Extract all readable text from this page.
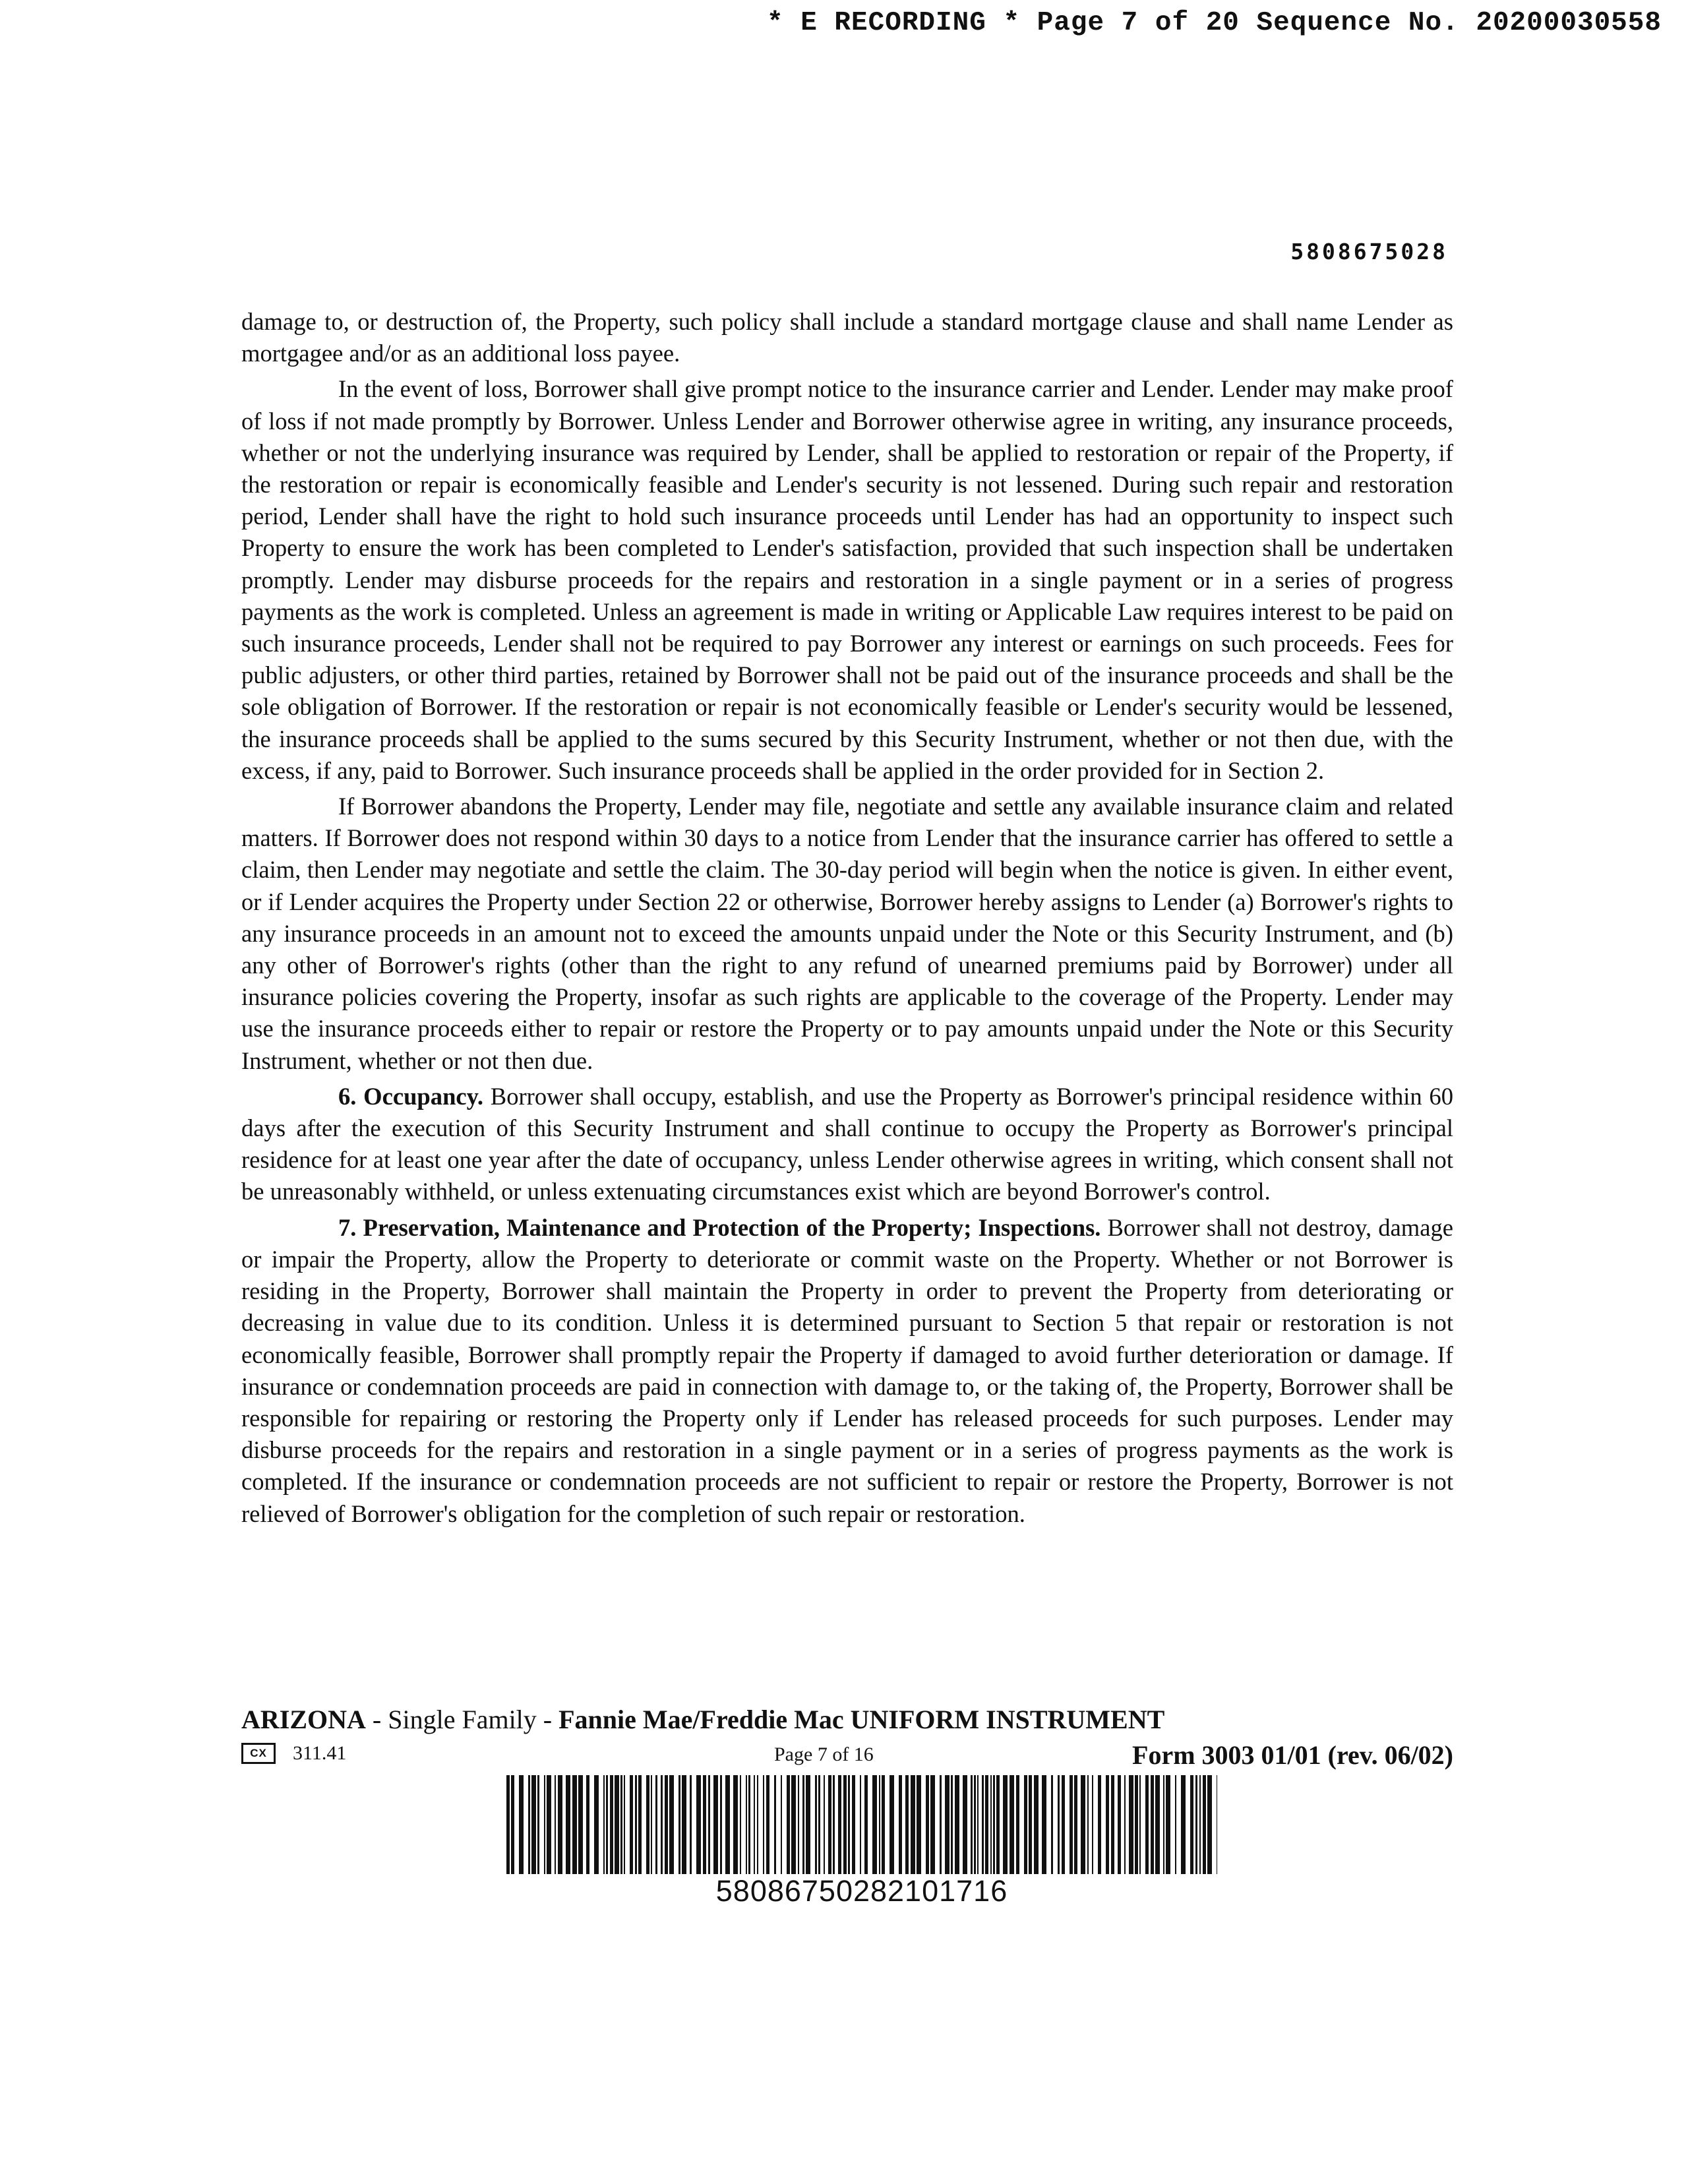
* E RECORDING * Page 7 of 20 Sequence No. 20200030558
5808675028

damage to, or destruction of, the Property, such policy shall include a standard mortgage clause and shall name Lender as mortgagee and/or as an additional loss payee.

In the event of loss, Borrower shall give prompt notice to the insurance carrier and Lender. Lender may make proof of loss if not made promptly by Borrower. Unless Lender and Borrower otherwise agree in writing, any insurance proceeds, whether or not the underlying insurance was required by Lender, shall be applied to restoration or repair of the Property, if the restoration or repair is economically feasible and Lender's security is not lessened. During such repair and restoration period, Lender shall have the right to hold such insurance proceeds until Lender has had an opportunity to inspect such Property to ensure the work has been completed to Lender's satisfaction, provided that such inspection shall be undertaken promptly. Lender may disburse proceeds for the repairs and restoration in a single payment or in a series of progress payments as the work is completed. Unless an agreement is made in writing or Applicable Law requires interest to be paid on such insurance proceeds, Lender shall not be required to pay Borrower any interest or earnings on such proceeds. Fees for public adjusters, or other third parties, retained by Borrower shall not be paid out of the insurance proceeds and shall be the sole obligation of Borrower. If the restoration or repair is not economically feasible or Lender's security would be lessened, the insurance proceeds shall be applied to the sums secured by this Security Instrument, whether or not then due, with the excess, if any, paid to Borrower. Such insurance proceeds shall be applied in the order provided for in Section 2.

If Borrower abandons the Property, Lender may file, negotiate and settle any available insurance claim and related matters. If Borrower does not respond within 30 days to a notice from Lender that the insurance carrier has offered to settle a claim, then Lender may negotiate and settle the claim. The 30-day period will begin when the notice is given. In either event, or if Lender acquires the Property under Section 22 or otherwise, Borrower hereby assigns to Lender (a) Borrower's rights to any insurance proceeds in an amount not to exceed the amounts unpaid under the Note or this Security Instrument, and (b) any other of Borrower's rights (other than the right to any refund of unearned premiums paid by Borrower) under all insurance policies covering the Property, insofar as such rights are applicable to the coverage of the Property. Lender may use the insurance proceeds either to repair or restore the Property or to pay amounts unpaid under the Note or this Security Instrument, whether or not then due.

6. Occupancy. Borrower shall occupy, establish, and use the Property as Borrower's principal residence within 60 days after the execution of this Security Instrument and shall continue to occupy the Property as Borrower's principal residence for at least one year after the date of occupancy, unless Lender otherwise agrees in writing, which consent shall not be unreasonably withheld, or unless extenuating circumstances exist which are beyond Borrower's control.

7. Preservation, Maintenance and Protection of the Property; Inspections. Borrower shall not destroy, damage or impair the Property, allow the Property to deteriorate or commit waste on the Property. Whether or not Borrower is residing in the Property, Borrower shall maintain the Property in order to prevent the Property from deteriorating or decreasing in value due to its condition. Unless it is determined pursuant to Section 5 that repair or restoration is not economically feasible, Borrower shall promptly repair the Property if damaged to avoid further deterioration or damage. If insurance or condemnation proceeds are paid in connection with damage to, or the taking of, the Property, Borrower shall be responsible for repairing or restoring the Property only if Lender has released proceeds for such purposes. Lender may disburse proceeds for the repairs and restoration in a single payment or in a series of progress payments as the work is completed. If the insurance or condemnation proceeds are not sufficient to repair or restore the Property, Borrower is not relieved of Borrower's obligation for the completion of such repair or restoration.

ARIZONA - Single Family - Fannie Mae/Freddie Mac UNIFORM INSTRUMENT
CX	311.41	Page 7 of 16	Form 3003 01/01 (rev. 06/02)
58086750282101716
